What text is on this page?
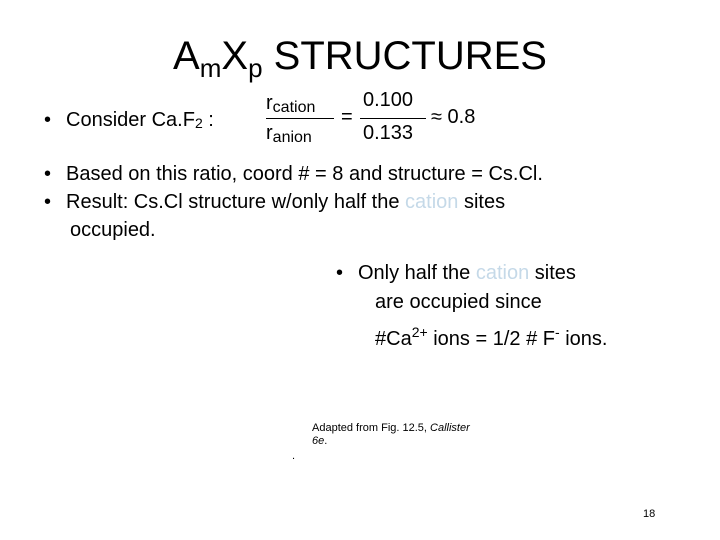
$A_mX_p$ STRUCTURES
• Consider Ca.F2 :
rcation
ranion
=
0.100
0.133
≈ 0.8
• Based on this ratio, coord # = 8 and structure = Cs.Cl.
• Result: Cs.Cl structure w/only half the cation sites
occupied.
• Only half the cation sites
are occupied since
$\#Ca^{2+}$ ions = 1/2 # F- ions.
Adapted from Fig. 12.5, Callister
6e.
.
18
